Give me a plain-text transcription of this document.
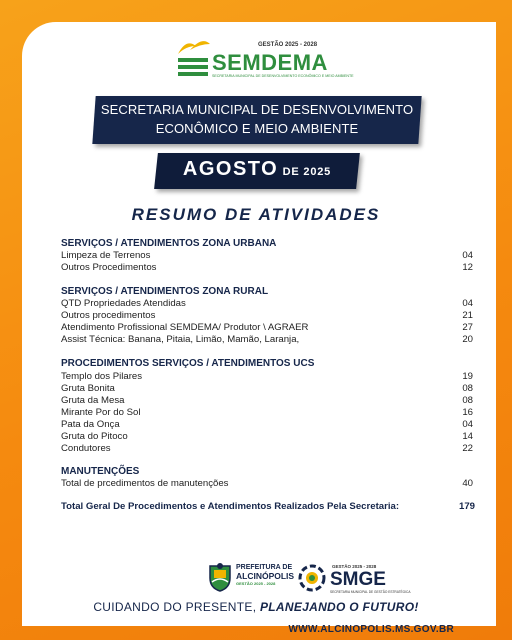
GESTÃO 2025 - 2028
SEMDEMA
SECRETARIA MUNICIPAL DE DESENVOLVIMENTO ECONÔMICO E MEIO AMBIENTE
SECRETARIA MUNICIPAL DE DESENVOLVIMENTO
ECONÔMICO E MEIO AMBIENTE
AGOSTO DE 2025
RESUMO DE ATIVIDADES
SERVIÇOS / ATENDIMENTOS ZONA URBANA
Limpeza de Terrenos	04
Outros Procedimentos	12
SERVIÇOS / ATENDIMENTOS ZONA RURAL
QTD Propriedades Atendidas	04
Outros procedimentos	21
Atendimento Profissional SEMDEMA/ Produtor \ AGRAER	27
Assist Técnica: Banana, Pitaia, Limão, Mamão, Laranja,	20
PROCEDIMENTOS SERVIÇOS / ATENDIMENTOS UCS
Templo dos Pilares	19
Gruta Bonita	08
Gruta da Mesa	08
Mirante Por do Sol	16
Pata da Onça	04
Gruta do Pitoco	14
Condutores	22
MANUTENÇÕES
Total de prcedimentos de manutenções	40
Total Geral De Procedimentos e Atendimentos Realizados Pela Secretaria:	179
PREFEITURA DE
ALCINÓPOLIS
GESTÃO 2025 - 2028
GESTÃO 2025 - 2028
SMGE
SECRETARIA MUNICIPAL DE GESTÃO ESTRATÉGICA
CUIDANDO DO PRESENTE, PLANEJANDO O FUTURO!
WWW.ALCINOPOLIS.MS.GOV.BR
